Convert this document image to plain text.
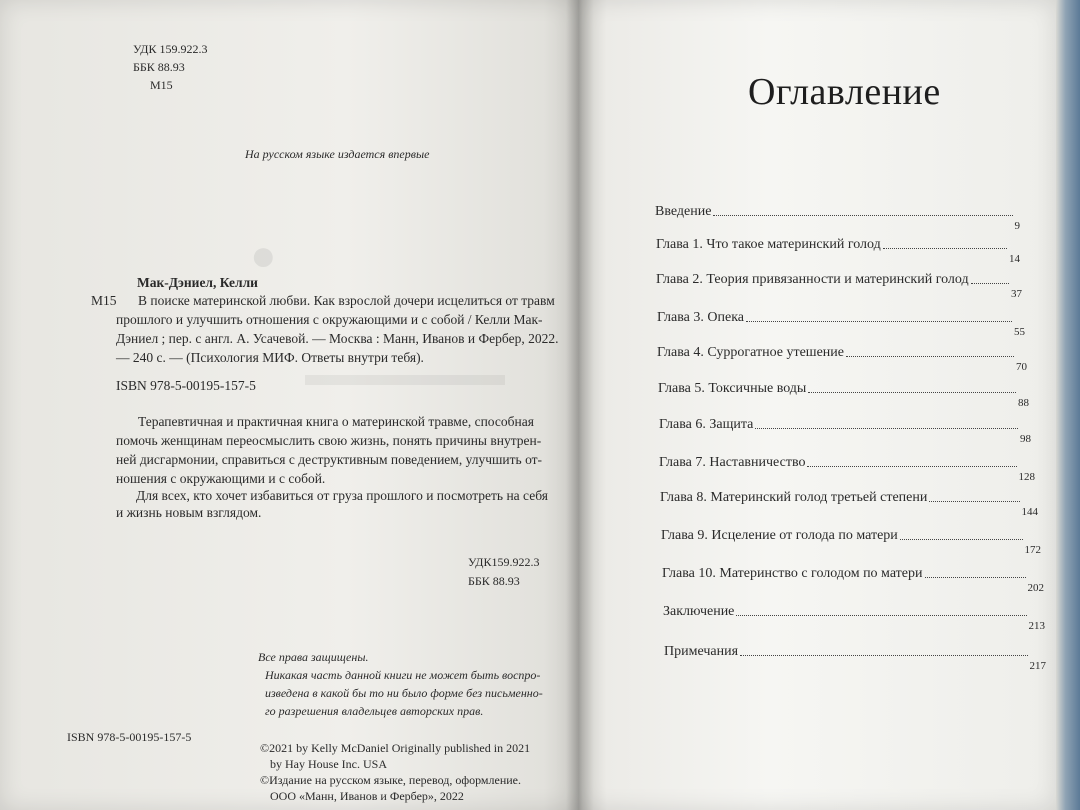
●
УДК 159.922.3
ББК 88.93
М15
На русском языке издается впервые
Мак-Дэниел, Келли
М15 В поиске материнской любви. Как взрослой дочери исцелиться от травм
прошлого и улучшить отношения с окружающими и с собой / Келли Мак-
Дэниел ; пер. с англ. А. Усачевой. — Москва : Манн, Иванов и Фербер, 2022.
— 240 с. — (Психология МИФ. Ответы внутри тебя).
ISBN 978-5-00195-157-5
Терапевтичная и практичная книга о материнской травме, способная
помочь женщинам переосмыслить свою жизнь, понять причины внутрен-
ней дисгармонии, справиться с деструктивным поведением, улучшить от-
ношения с окружающими и с собой.
Для всех, кто хочет избавиться от груза прошлого и посмотреть на себя
и жизнь новым взглядом.
УДК159.922.3
ББК 88.93
Все права защищены.
Никакая часть данной книги не может быть воспро-
изведена в какой бы то ни было форме без письменно-
го разрешения владельцев авторских прав.
ISBN 978-5-00195-157-5
©2021 by Kelly McDaniel Originally published in 2021
by Hay House Inc. USA
©Издание на русском языке, перевод, оформление.
ООО «Манн, Иванов и Фербер», 2022
Оглавление
Введение
9
Глава 1. Что такое материнский голод
14
Глава 2. Теория привязанности и материнский голод
37
Глава 3. Опека
55
Глава 4. Суррогатное утешение
70
Глава 5. Токсичные воды
88
Глава 6. Защита
98
Глава 7. Наставничество
128
Глава 8. Материнский голод третьей степени
144
Глава 9. Исцеление от голода по матери
172
Глава 10. Материнство с голодом по матери
202
Заключение
213
Примечания
217
